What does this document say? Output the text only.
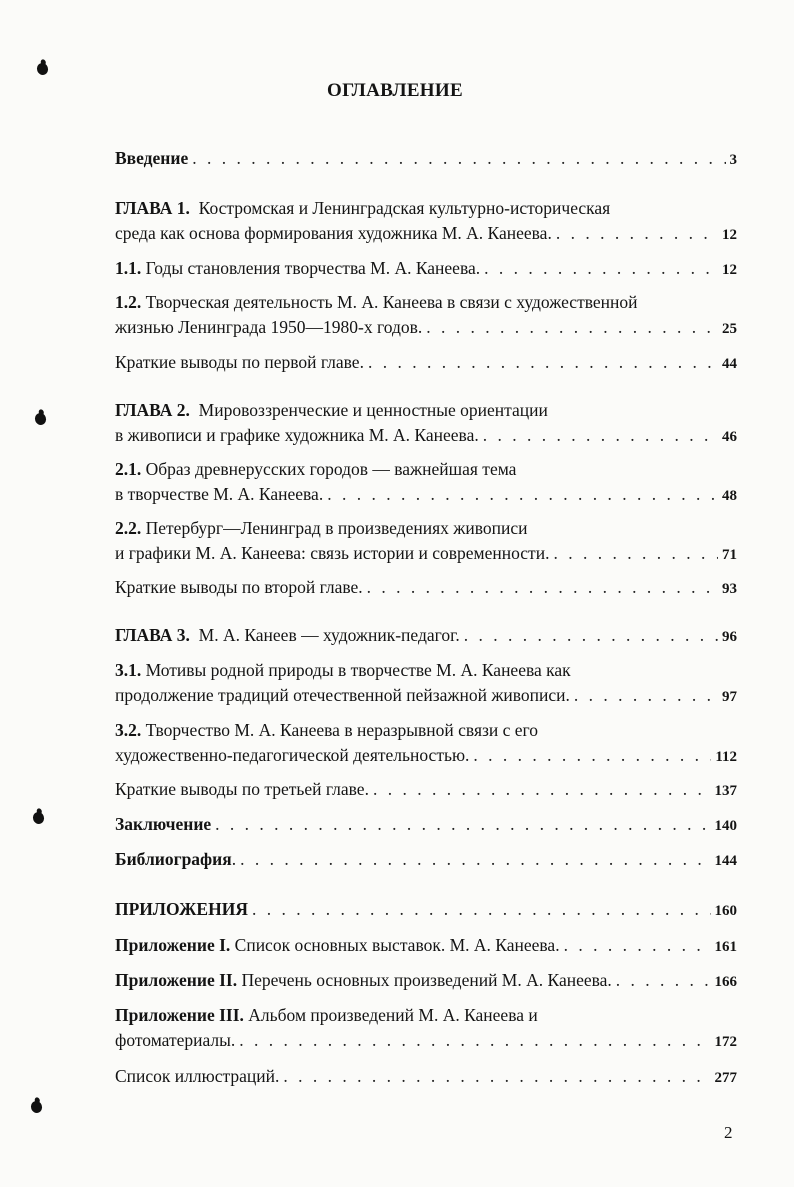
ОГЛАВЛЕНИЕ
Введение . . .	3
ГЛАВА 1. Костромская и Ленинградская культурно-историческая
среда как основа формирования художника М. А. Канеева. . . .	12
1.1. Годы становления творчества М. А. Канеева. . . .	12
1.2. Творческая деятельность М. А. Канеева в связи с художественной
жизнью Ленинграда 1950—1980-х годов. . . .	25
Краткие выводы по первой главе. . . .	44
ГЛАВА 2. Мировоззренческие и ценностные ориентации
в живописи и графике художника М. А. Канеева. . . .	46
2.1. Образ древнерусских городов — важнейшая тема
в творчестве М. А. Канеева. . . .	48
2.2. Петербург—Ленинград в произведениях живописи
и графики М. А. Канеева: связь истории и современности. . . .	71
Краткие выводы по второй главе. . . .	93
ГЛАВА 3. М. А. Канеев — художник-педагог. . . .	96
3.1. Мотивы родной природы в творчестве М. А. Канеева как
продолжение традиций отечественной пейзажной живописи. . . .	97
3.2. Творчество М. А. Канеева в неразрывной связи с его
художественно-педагогической деятельностью. . . .	112
Краткие выводы по третьей главе. . . .	137
Заключение . . .	140
Библиография. . . .	144
ПРИЛОЖЕНИЯ . . .	160
Приложение I. Список основных выставок. М. А. Канеева. . . .	161
Приложение II. Перечень основных произведений М. А. Канеева. . . .	166
Приложение III. Альбом произведений М. А. Канеева и
фотоматериалы. . . .	172
Список иллюстраций. . . .	277
2
